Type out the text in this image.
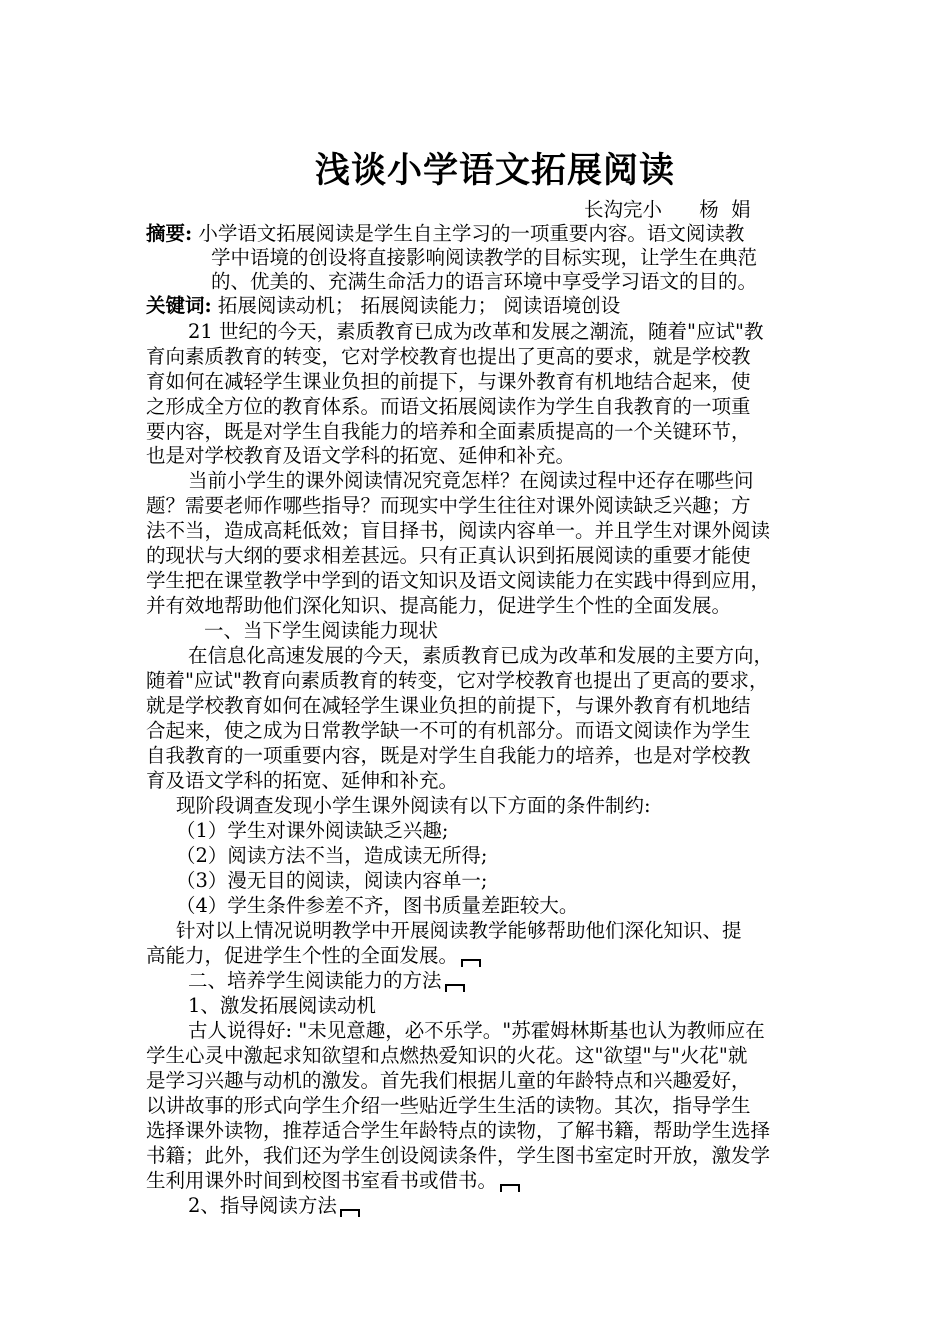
浅谈小学语文拓展阅读
长沟完小      杨  娟
摘要: 小学语文拓展阅读是学生自主学习的一项重要内容。语文阅读教
学中语境的创设将直接影响阅读教学的目标实现，让学生在典范
的、优美的、充满生命活力的语言环境中享受学习语文的目的。
关键词: 拓展阅读动机； 拓展阅读能力； 阅读语境创设
21 世纪的今天，素质教育已成为改革和发展之潮流，随着"应试"教
育向素质教育的转变，它对学校教育也提出了更高的要求，就是学校教
育如何在减轻学生课业负担的前提下，与课外教育有机地结合起来，使
之形成全方位的教育体系。而语文拓展阅读作为学生自我教育的一项重
要内容，既是对学生自我能力的培养和全面素质提高的一个关键环节，
也是对学校教育及语文学科的拓宽、延伸和补充。
当前小学生的课外阅读情况究竟怎样？在阅读过程中还存在哪些问
题？需要老师作哪些指导？而现实中学生往往对课外阅读缺乏兴趣；方
法不当，造成高耗低效；盲目择书，阅读内容单一。并且学生对课外阅读
的现状与大纲的要求相差甚远。只有正真认识到拓展阅读的重要才能使
学生把在课堂教学中学到的语文知识及语文阅读能力在实践中得到应用，
并有效地帮助他们深化知识、提高能力，促进学生个性的全面发展。
一、当下学生阅读能力现状
在信息化高速发展的今天，素质教育已成为改革和发展的主要方向，
随着"应试"教育向素质教育的转变，它对学校教育也提出了更高的要求，
就是学校教育如何在减轻学生课业负担的前提下，与课外教育有机地结
合起来，使之成为日常教学缺一不可的有机部分。而语文阅读作为学生
自我教育的一项重要内容，既是对学生自我能力的培养，也是对学校教
育及语文学科的拓宽、延伸和补充。
现阶段调查发现小学生课外阅读有以下方面的条件制约:
（1）学生对课外阅读缺乏兴趣;
（2）阅读方法不当，造成读无所得;
（3）漫无目的阅读，阅读内容单一;
（4）学生条件参差不齐，图书质量差距较大。
针对以上情况说明教学中开展阅读教学能够帮助他们深化知识、提
高能力，促进学生个性的全面发展。
二、培养学生阅读能力的方法
1、激发拓展阅读动机
古人说得好: "未见意趣，必不乐学。"苏霍姆林斯基也认为教师应在
学生心灵中激起求知欲望和点燃热爱知识的火花。这"欲望"与"火花"就
是学习兴趣与动机的激发。首先我们根据儿童的年龄特点和兴趣爱好，
以讲故事的形式向学生介绍一些贴近学生生活的读物。其次，指导学生
选择课外读物，推荐适合学生年龄特点的读物，了解书籍，帮助学生选择
书籍；此外，我们还为学生创设阅读条件，学生图书室定时开放，激发学
生利用课外时间到校图书室看书或借书。
2、指导阅读方法
